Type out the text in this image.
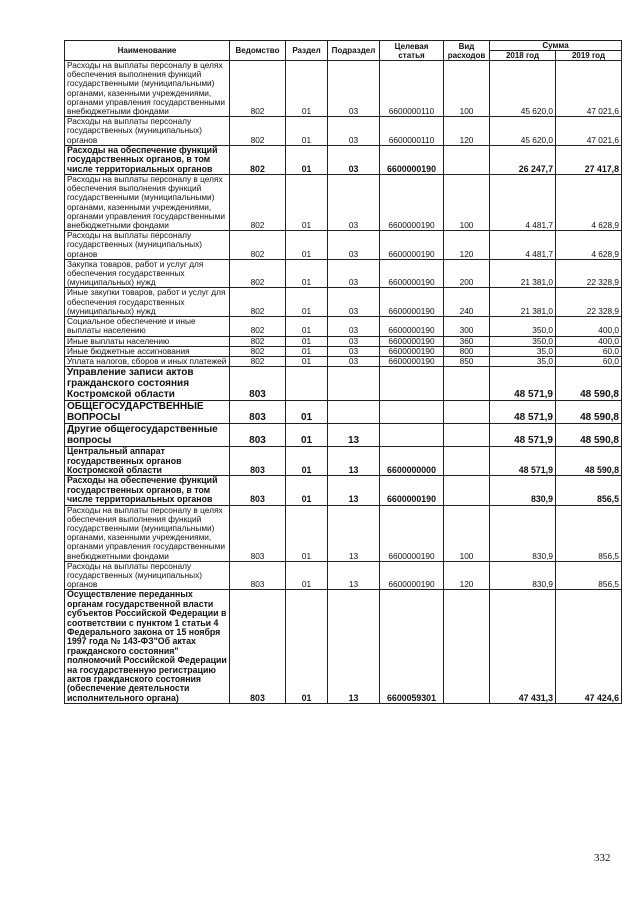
Наименование	Ведомство	Раздел	Подраздел	Целевая статья	Вид расходов	Сумма	
						2018 год	2019 год
Расходы на выплаты персоналу в целях обеспечения выполнения функций государственными (муниципальными) органами, казенными учреждениями, органами управления государственными внебюджетными фондами	802	01	03	6600000110	100	45 620,0	47 021,6
Расходы на выплаты персоналу государственных (муниципальных) органов	802	01	03	6600000110	120	45 620,0	47 021,6
Расходы на обеспечение функций государственных органов, в том числе территориальных органов	802	01	03	6600000190		26 247,7	27 417,8
Расходы на выплаты персоналу в целях обеспечения выполнения функций государственными (муниципальными) органами, казенными учреждениями, органами управления государственными внебюджетными фондами	802	01	03	6600000190	100	4 481,7	4 628,9
Расходы на выплаты персоналу государственных (муниципальных) органов	802	01	03	6600000190	120	4 481,7	4 628,9
Закупка товаров, работ и услуг для обеспечения государственных (муниципальных) нужд	802	01	03	6600000190	200	21 381,0	22 328,9
Иные закупки товаров, работ и услуг для обеспечения государственных (муниципальных) нужд	802	01	03	6600000190	240	21 381,0	22 328,9
Социальное обеспечение и иные выплаты населению	802	01	03	6600000190	300	350,0	400,0
Иные выплаты населению	802	01	03	6600000190	360	350,0	400,0
Иные бюджетные ассигнования	802	01	03	6600000190	800	35,0	60,0
Уплата налогов, сборов и иных платежей	802	01	03	6600000190	850	35,0	60,0
Управление записи актов гражданского состояния Костромской области	803					48 571,9	48 590,8
ОБЩЕГОСУДАРСТВЕННЫЕ ВОПРОСЫ	803	01				48 571,9	48 590,8
Другие общегосударственные вопросы	803	01	13			48 571,9	48 590,8
Центральный аппарат государственных органов Костромской области	803	01	13	6600000000		48 571,9	48 590,8
Расходы на обеспечение функций государственных органов, в том числе территориальных органов	803	01	13	6600000190		830,9	856,5
Расходы на выплаты персоналу в целях обеспечения выполнения функций государственными (муниципальными) органами, казенными учреждениями, органами управления государственными внебюджетными фондами	803	01	13	6600000190	100	830,9	856,5
Расходы на выплаты персоналу государственных (муниципальных) органов	803	01	13	6600000190	120	830,9	856,5
Осуществление переданных органам государственной власти субъектов Российской Федерации в соответствии с пунктом 1 статьи 4 Федерального закона от 15 ноября 1997 года № 143-ФЗ"Об актах гражданского состояния" полномочий Российской Федерации на государственную регистрацию актов гражданского состояния (обеспечение деятельности исполнительного органа)	803	01	13	6600059301		47 431,3	47 424,6
332
